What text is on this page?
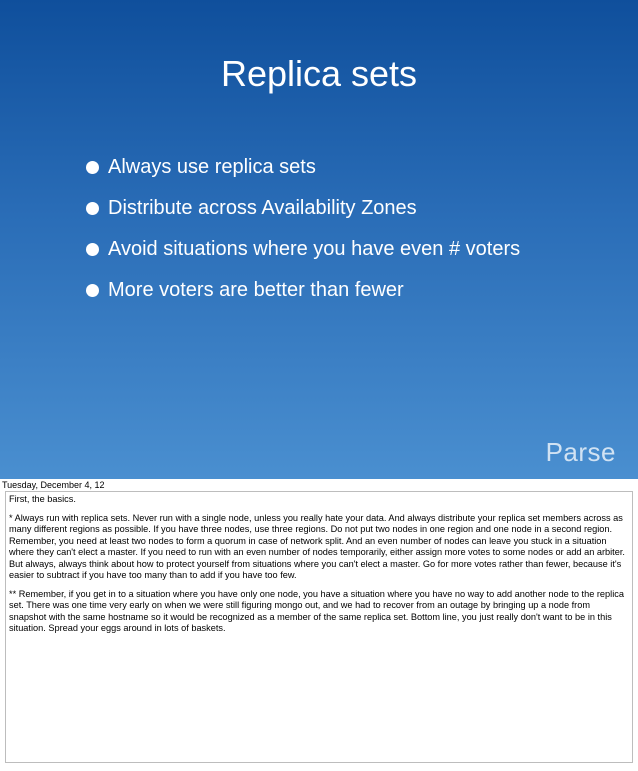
Replica sets
Always use replica sets
Distribute across Availability Zones
Avoid situations where you have even # voters
More voters are better than fewer
Parse
Tuesday, December 4, 12

First, the basics.

* Always run with replica sets. Never run with a single node, unless you really hate your data. And always distribute your replica set members across as many different regions as possible. If you have three nodes, use three regions. Do not put two nodes in one region and one node in a second region. Remember, you need at least two nodes to form a quorum in case of network split. And an even number of nodes can leave you stuck in a situation where they can't elect a master. If you need to run with an even number of nodes temporarily, either assign more votes to some nodes or add an arbiter. But always, always think about how to protect yourself from situations where you can't elect a master. Go for more votes rather than fewer, because it's easier to subtract if you have too many than to add if you have too few.

** Remember, if you get in to a situation where you have only one node, you have a situation where you have no way to add another node to the replica set. There was one time very early on when we were still figuring mongo out, and we had to recover from an outage by bringing up a node from snapshot with the same hostname so it would be recognized as a member of the same replica set. Bottom line, you just really don't want to be in this situation. Spread your eggs around in lots of baskets.
